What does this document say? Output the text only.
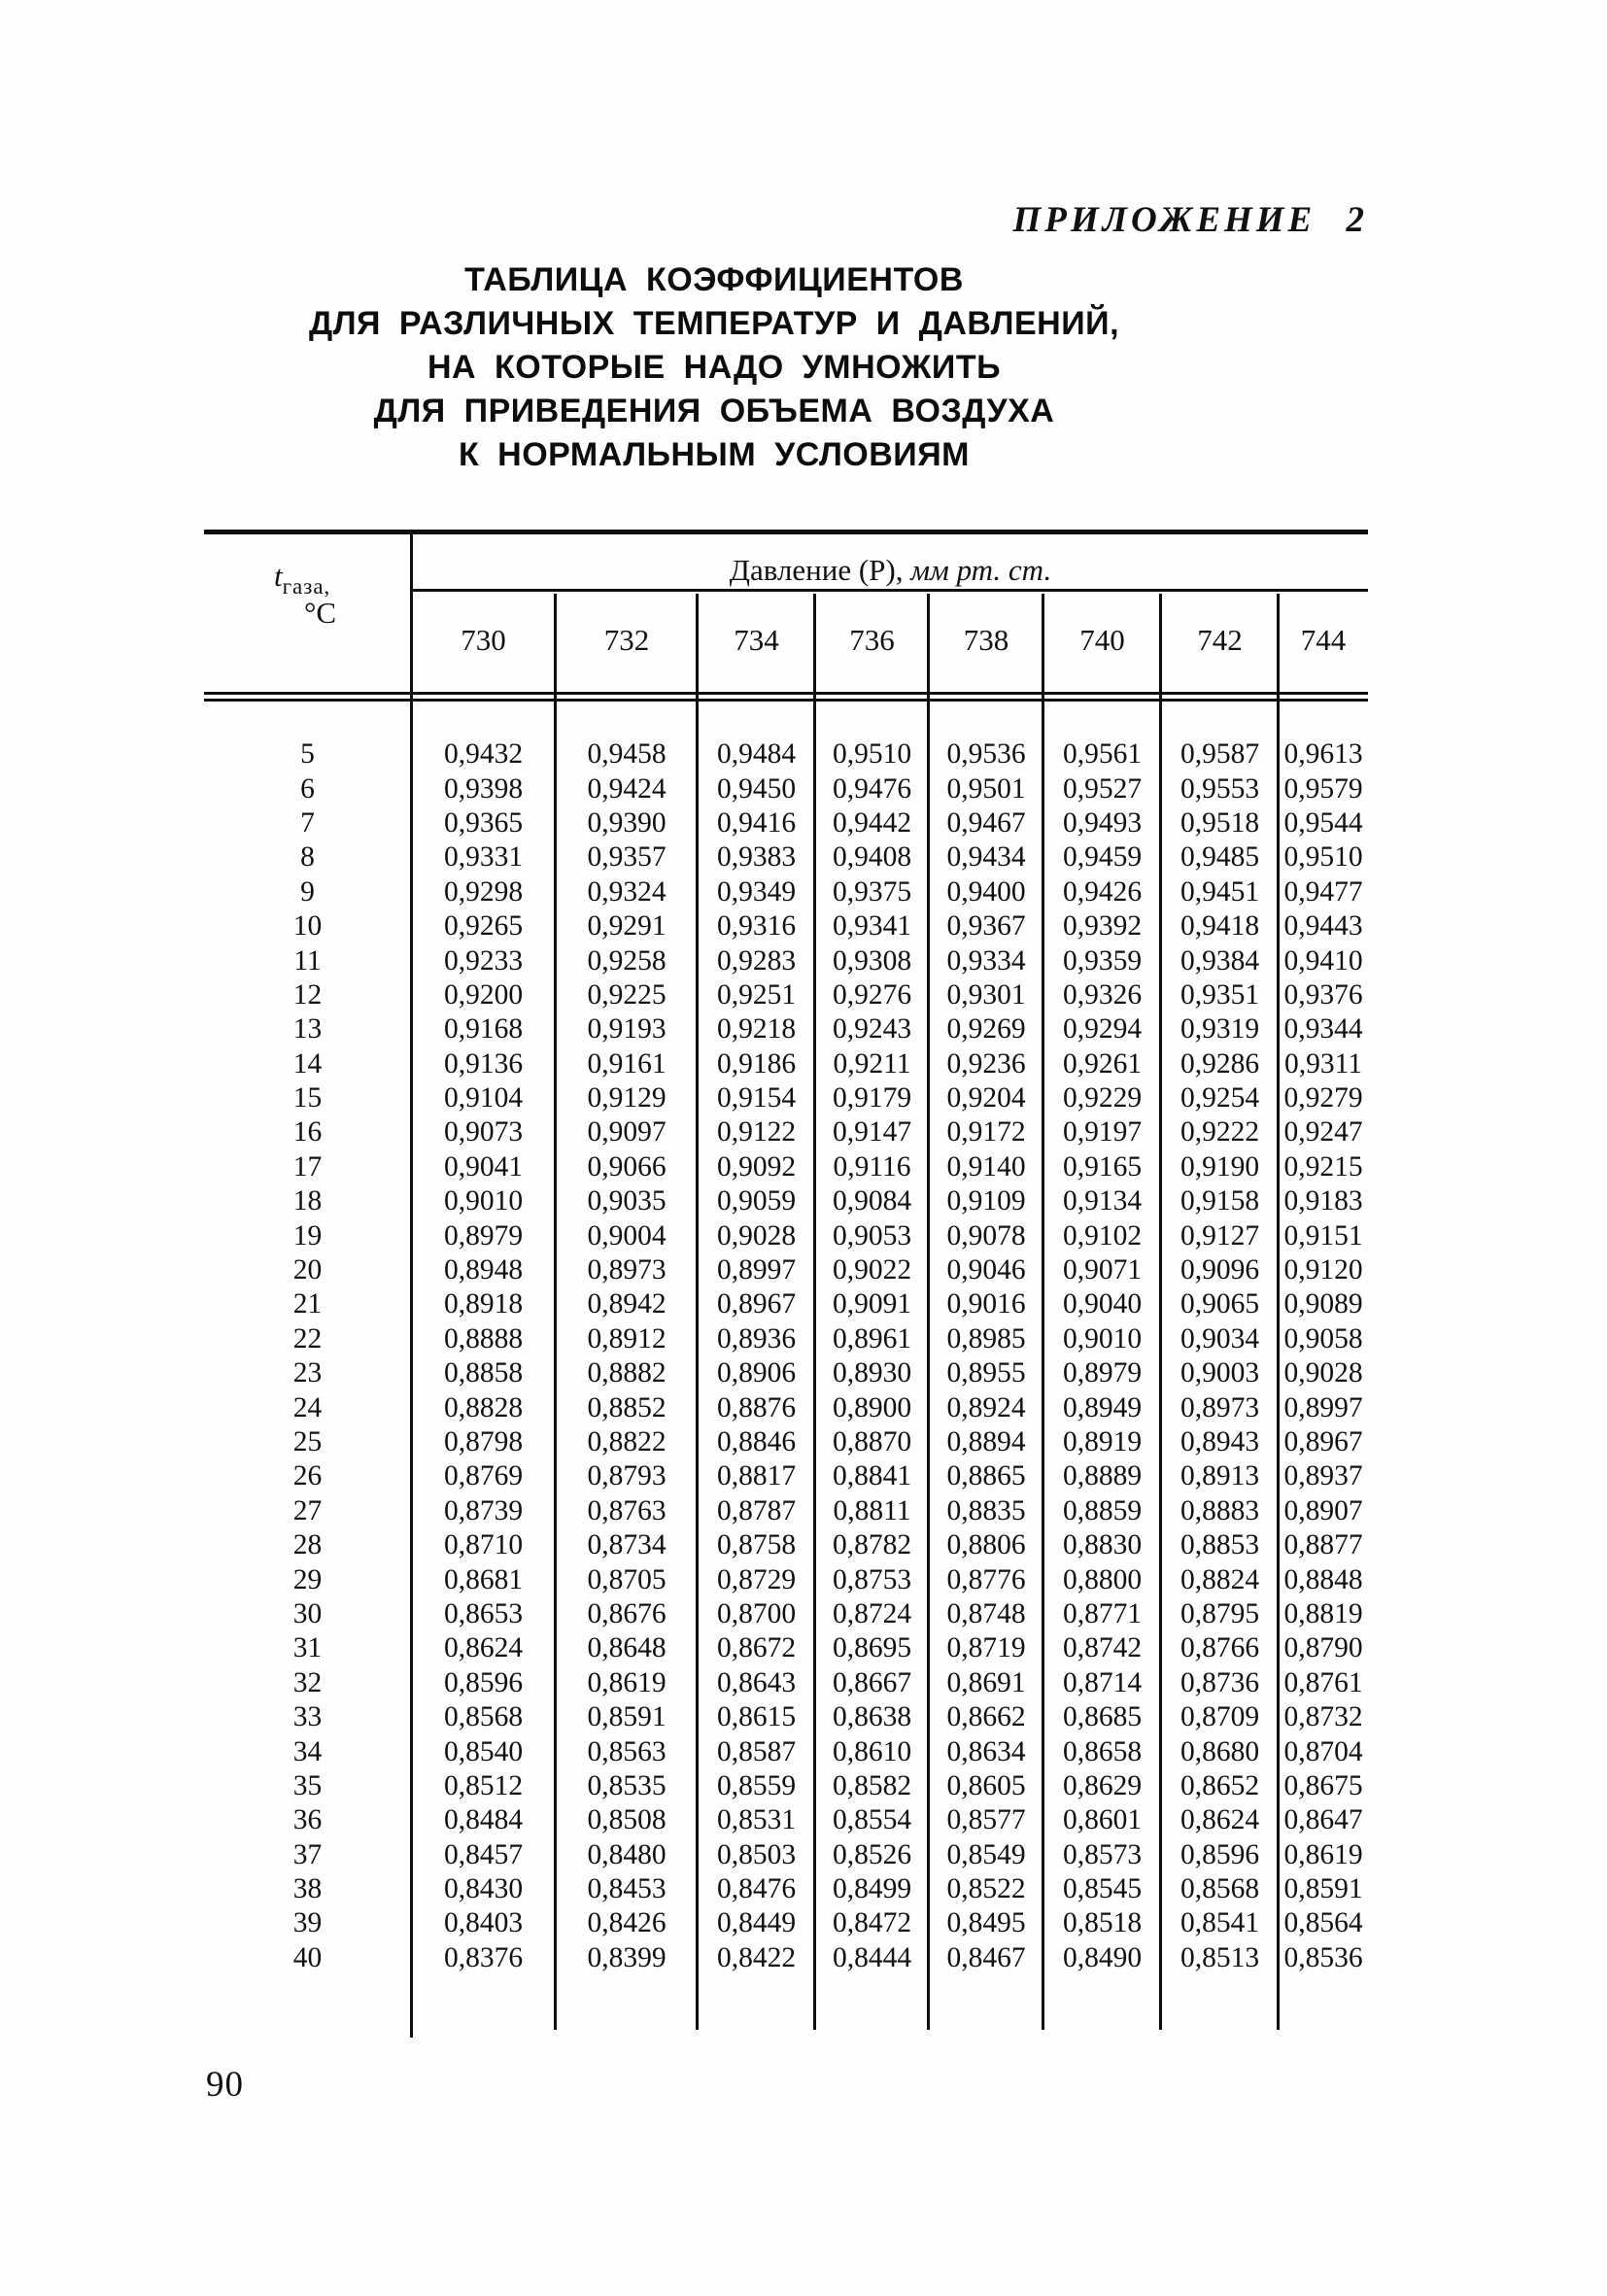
ПРИЛОЖЕНИЕ 2
ТАБЛИЦА КОЭФФИЦИЕНТОВ
ДЛЯ РАЗЛИЧНЫХ ТЕМПЕРАТУР И ДАВЛЕНИЙ,
НА КОТОРЫЕ НАДО УМНОЖИТЬ
ДЛЯ ПРИВЕДЕНИЯ ОБЪЕМА ВОЗДУХА
К НОРМАЛЬНЫМ УСЛОВИЯМ
$t_{газа,}$
°С
Давление (Р), мм рт. ст.
730	732	734	736	738	740	742	744
5	0,9432	0,9458	0,9484	0,9510	0,9536	0,9561	0,9587 0,9613
6	0,9398	0,9424	0,9450	0,9476	0,9501	0,9527	0,9553 0,9579
7	0,9365	0,9390	0,9416	0,9442	0,9467	0,9493	0,9518 0,9544
8	0,9331	0,9357	0,9383	0,9408	0,9434	0,9459	0,9485 0,9510
9	0,9298	0,9324	0,9349	0,9375	0,9400	0,9426	0,9451 0,9477
10	0,9265	0,9291	0,9316	0,9341	0,9367	0,9392	0,9418 0,9443
11	0,9233	0,9258	0,9283	0,9308	0,9334	0,9359	0,9384 0,9410
12	0,9200	0,9225	0,9251	0,9276	0,9301	0,9326	0,9351 0,9376
13	0,9168	0,9193	0,9218	0,9243	0,9269	0,9294	0,9319 0,9344
14	0,9136	0,9161	0,9186	0,9211	0,9236	0,9261	0,9286 0,9311
15	0,9104	0,9129	0,9154	0,9179	0,9204	0,9229	0,9254 0,9279
16	0,9073	0,9097	0,9122	0,9147	0,9172	0,9197	0,9222 0,9247
17	0,9041	0,9066	0,9092	0,9116	0,9140	0,9165	0,9190 0,9215
18	0,9010	0,9035	0,9059	0,9084	0,9109	0,9134	0,9158 0,9183
19	0,8979	0,9004	0,9028	0,9053	0,9078	0,9102	0,9127 0,9151
20	0,8948	0,8973	0,8997	0,9022	0,9046	0,9071	0,9096 0,9120
21	0,8918	0,8942	0,8967	0,9091	0,9016	0,9040	0,9065 0,9089
22	0,8888	0,8912	0,8936	0,8961	0,8985	0,9010	0,9034 0,9058
23	0,8858	0,8882	0,8906	0,8930	0,8955	0,8979	0,9003 0,9028
24	0,8828	0,8852	0,8876	0,8900	0,8924	0,8949	0,8973 0,8997
25	0,8798	0,8822	0,8846	0,8870	0,8894	0,8919	0,8943 0,8967
26	0,8769	0,8793	0,8817	0,8841	0,8865	0,8889	0,8913 0,8937
27	0,8739	0,8763	0,8787	0,8811	0,8835	0,8859	0,8883 0,8907
28	0,8710	0,8734	0,8758	0,8782	0,8806	0,8830	0,8853 0,8877
29	0,8681	0,8705	0,8729	0,8753	0,8776	0,8800	0,8824 0,8848
30	0,8653	0,8676	0,8700	0,8724	0,8748	0,8771	0,8795 0,8819
31	0,8624	0,8648	0,8672	0,8695	0,8719	0,8742	0,8766 0,8790
32	0,8596	0,8619	0,8643	0,8667	0,8691	0,8714	0,8736 0,8761
33	0,8568	0,8591	0,8615	0,8638	0,8662	0,8685	0,8709 0,8732
34	0,8540	0,8563	0,8587	0,8610	0,8634	0,8658	0,8680 0,8704
35	0,8512	0,8535	0,8559	0,8582	0,8605	0,8629	0,8652 0,8675
36	0,8484	0,8508	0,8531	0,8554	0,8577	0,8601	0,8624 0,8647
37	0,8457	0,8480	0,8503	0,8526	0,8549	0,8573	0,8596 0,8619
38	0,8430	0,8453	0,8476	0,8499	0,8522	0,8545	0,8568 0,8591
39	0,8403	0,8426	0,8449	0,8472	0,8495	0,8518	0,8541 0,8564
40	0,8376	0,8399	0,8422	0,8444	0,8467	0,8490	0,8513 0,8536
90
